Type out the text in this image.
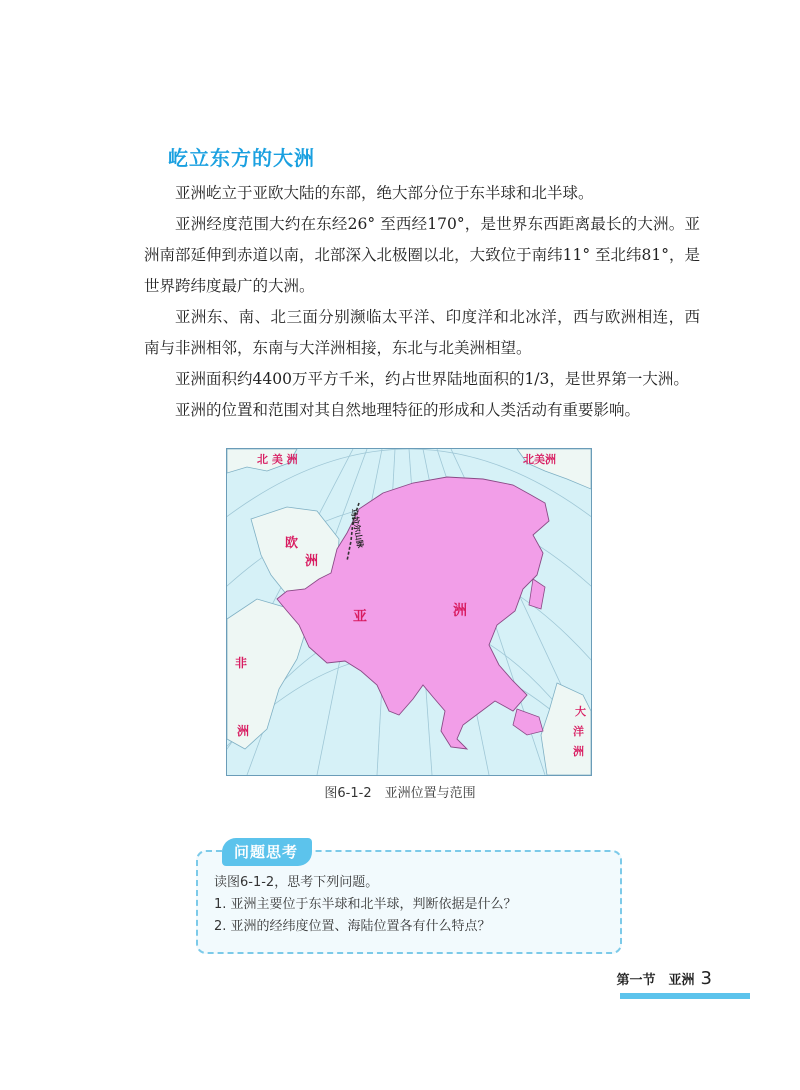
屹立东方的大洲

亚洲屹立于亚欧大陆的东部，绝大部分位于东半球和北半球。

亚洲经度范围大约在东经26° 至西经170°，是世界东西距离最长的大洲。亚洲南部延伸到赤道以南，北部深入北极圈以北，大致位于南纬11° 至北纬81°，是世界跨纬度最广的大洲。

亚洲东、南、北三面分别濒临太平洋、印度洋和北冰洋，西与欧洲相连，西南与非洲相邻，东南与大洋洲相接，东北与北美洲相望。

亚洲面积约4400万平方千米，约占世界陆地面积的1/3，是世界第一大洲。

亚洲的位置和范围对其自然地理特征的形成和人类活动有重要影响。

北 美 洲	北美洲
欧
洲
亚	洲
非
洲
大
洋
洲
乌拉尔山脉
图6-1-2　亚洲位置与范围
问题思考
读图6-1-2，思考下列问题。
1. 亚洲主要位于东半球和北半球，判断依据是什么？
2. 亚洲的经纬度位置、海陆位置各有什么特点？
第一节　亚洲 3
